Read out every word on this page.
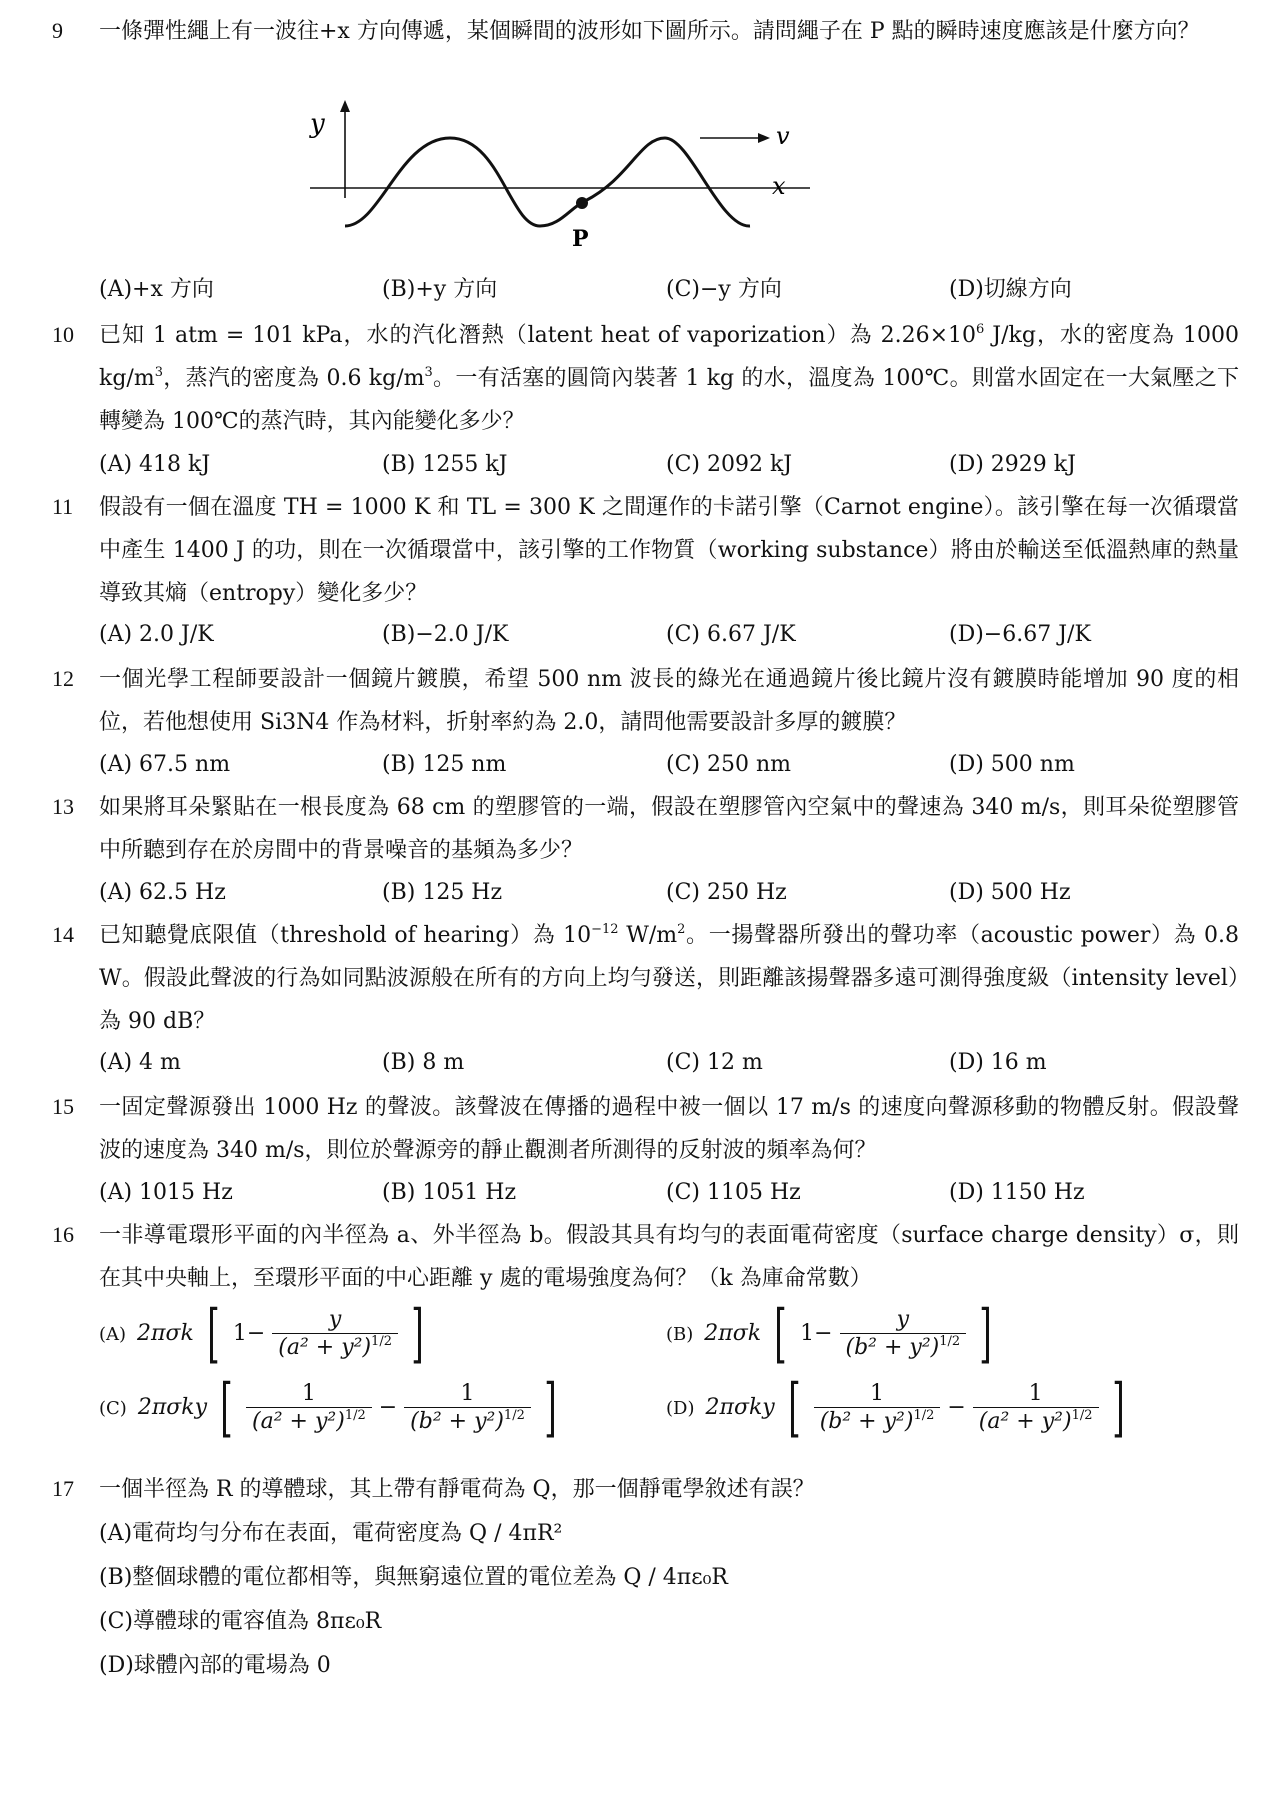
9	一條彈性繩上有一波往+x 方向傳遞，某個瞬間的波形如下圖所示。請問繩子在 P 點的瞬時速度應該是什麼方向？
y	v
x
P
(A)+x 方向	(B)+y 方向	(C)−y 方向	(D)切線方向
10	已知 1 atm = 101 kPa，水的汽化潛熱（latent heat of vaporization）為 $2.26\times 10^6$ J/kg，水的密度為 1000 $kg/m^3$，蒸汽的密度為 0.6 $kg/m^3$。一有活塞的圓筒內裝著 1 kg 的水，溫度為 100℃。則當水固定在一大氣壓之下轉變為 100℃的蒸汽時，其內能變化多少？
(A) 418 kJ	(B) 1255 kJ	(C) 2092 kJ	(D) 2929 kJ
11	假設有一個在溫度 TH = 1000 K 和 TL = 300 K 之間運作的卡諾引擎（Carnot engine）。該引擎在每一次循環當中產生 1400 J 的功，則在一次循環當中，該引擎的工作物質（working substance）將由於輸送至低溫熱庫的熱量導致其熵（entropy）變化多少？
(A) 2.0 J/K	(B)−2.0 J/K	(C) 6.67 J/K	(D)−6.67 J/K
12	一個光學工程師要設計一個鏡片鍍膜，希望 500 nm 波長的綠光在通過鏡片後比鏡片沒有鍍膜時能增加 90 度的相位，若他想使用 Si3N4 作為材料，折射率約為 2.0，請問他需要設計多厚的鍍膜？
(A) 67.5 nm	(B) 125 nm	(C) 250 nm	(D) 500 nm
13	如果將耳朵緊貼在一根長度為 68 cm 的塑膠管的一端，假設在塑膠管內空氣中的聲速為 340 m/s，則耳朵從塑膠管中所聽到存在於房間中的背景噪音的基頻為多少？
(A) 62.5 Hz	(B) 125 Hz	(C) 250 Hz	(D) 500 Hz
14	已知聽覺底限值（threshold of hearing）為 $10^{-12}$ $W/m^2$。一揚聲器所發出的聲功率（acoustic power）為 0.8 W。假設此聲波的行為如同點波源般在所有的方向上均勻發送，則距離該揚聲器多遠可測得強度級（intensity level）為 90 dB？
(A) 4 m	(B) 8 m	(C) 12 m	(D) 16 m
15	一固定聲源發出 1000 Hz 的聲波。該聲波在傳播的過程中被一個以 17 m/s 的速度向聲源移動的物體反射。假設聲波的速度為 340 m/s，則位於聲源旁的靜止觀測者所測得的反射波的頻率為何？
(A) 1015 Hz	(B) 1051 Hz	(C) 1105 Hz	(D) 1150 Hz
16	一非導電環形平面的內半徑為 a、外半徑為 b。假設其具有均勻的表面電荷密度（surface charge density）σ，則在其中央軸上，至環形平面的中心距離 y 處的電場強度為何？（k 為庫侖常數）
(A) 2πσk [ $1- \frac{y}{(a^2 + y^2)^{1/2}}$ ]	(B) 2πσk [ $1- \frac{y}{(b^2 + y^2)^{1/2}}$ ]
(C) 2πσky [ $\frac{1}{(a^2 + y^2)^{1/2}} - \frac{1}{(b^2 + y^2)^{1/2}}$ ]	(D) 2πσky [ $\frac{1}{(b^2 + y^2)^{1/2}} - \frac{1}{(a^2 + y^2)^{1/2}}$ ]
17	一個半徑為 R 的導體球，其上帶有靜電荷為 Q，那一個靜電學敘述有誤？
(A)電荷均勻分布在表面，電荷密度為 Q / 4πR²
(B)整個球體的電位都相等，與無窮遠位置的電位差為 Q / 4πε₀R
(C)導體球的電容值為 8πε₀R
(D)球體內部的電場為 0
